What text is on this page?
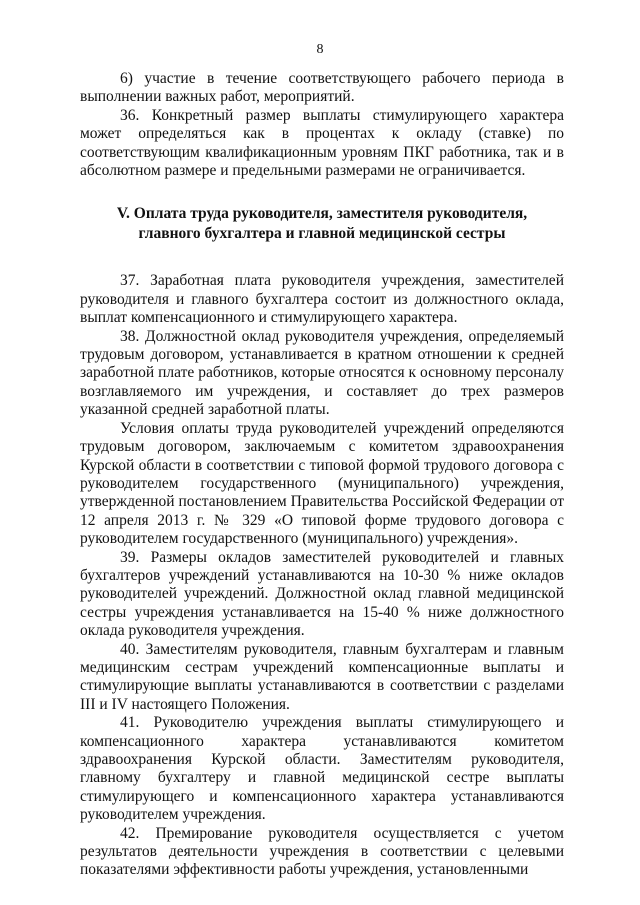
8

6) участие в течение соответствующего рабочего периода в выполнении важных работ, мероприятий.

36. Конкретный размер выплаты стимулирующего характера может определяться как в процентах к окладу (ставке) по соответствующим квалификационным уровням ПКГ работника, так и в абсолютном размере и предельными размерами не ограничивается.

V. Оплата труда руководителя, заместителя руководителя,
главного бухгалтера и главной медицинской сестры

37. Заработная плата руководителя учреждения, заместителей руководителя и главного бухгалтера состоит из должностного оклада, выплат компенсационного и стимулирующего характера.

38. Должностной оклад руководителя учреждения, определяемый трудовым договором, устанавливается в кратном отношении к средней заработной плате работников, которые относятся к основному персоналу возглавляемого им учреждения, и составляет до трех размеров указанной средней заработной платы.

Условия оплаты труда руководителей учреждений определяются трудовым договором, заключаемым с комитетом здравоохранения Курской области в соответствии с типовой формой трудового договора с руководителем государственного (муниципального) учреждения, утвержденной постановлением Правительства Российской Федерации от 12 апреля 2013 г. № 329 «О типовой форме трудового договора с руководителем государственного (муниципального) учреждения».

39. Размеры окладов заместителей руководителей и главных бухгалтеров учреждений устанавливаются на 10-30 % ниже окладов руководителей учреждений. Должностной оклад главной медицинской сестры учреждения устанавливается на 15-40 % ниже должностного оклада руководителя учреждения.

40. Заместителям руководителя, главным бухгалтерам и главным медицинским сестрам учреждений компенсационные выплаты и стимулирующие выплаты устанавливаются в соответствии с разделами III и IV настоящего Положения.

41. Руководителю учреждения выплаты стимулирующего и компенсационного характера устанавливаются комитетом здравоохранения Курской области. Заместителям руководителя, главному бухгалтеру и главной медицинской сестре выплаты стимулирующего и компенсационного характера устанавливаются руководителем учреждения.

42. Премирование руководителя осуществляется с учетом результатов деятельности учреждения в соответствии с целевыми показателями эффективности работы учреждения, установленными
